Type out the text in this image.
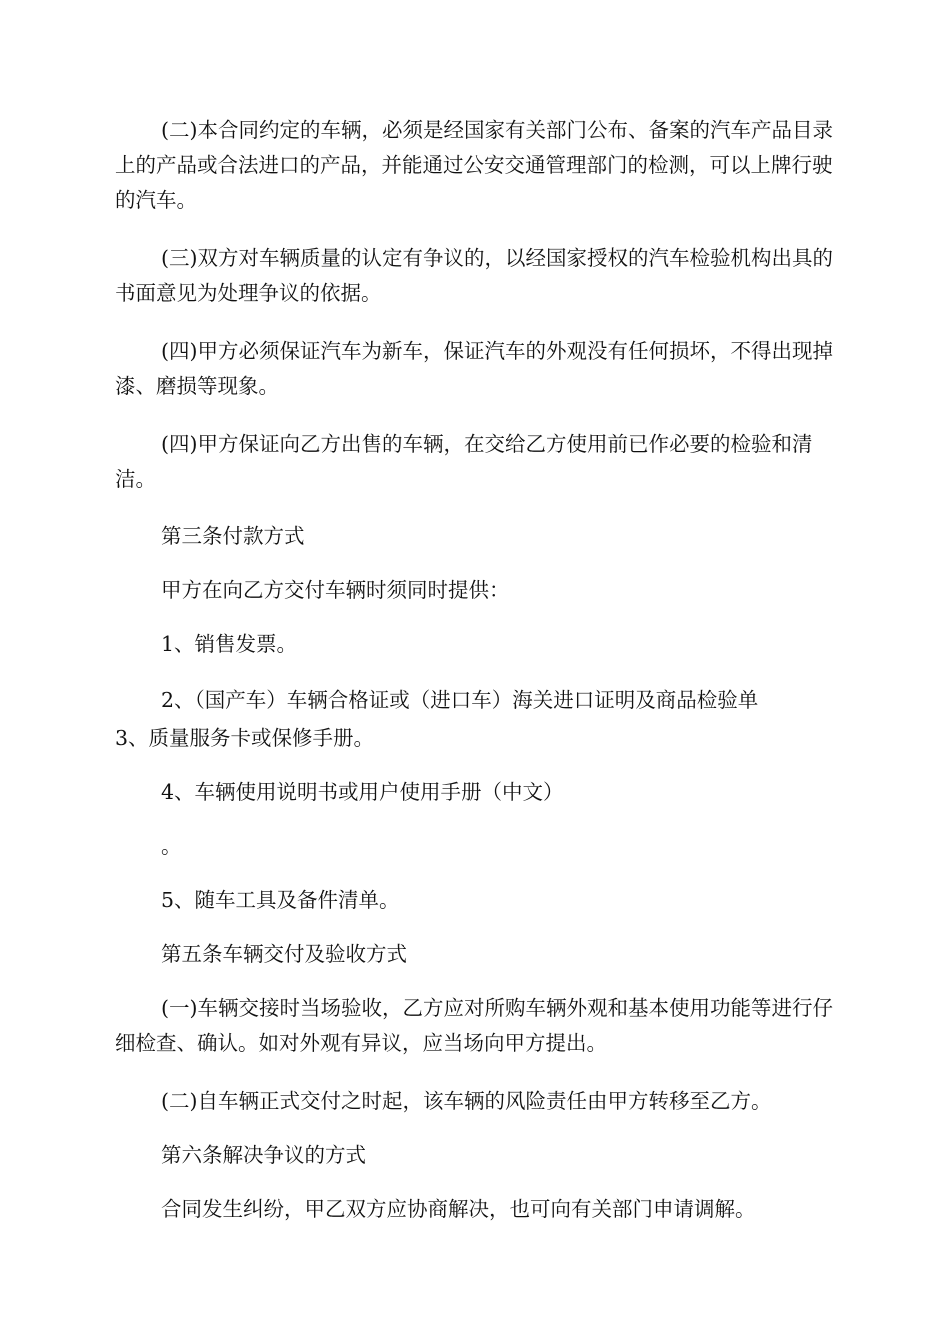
(二)本合同约定的车辆，必须是经国家有关部门公布、备案的汽车产品目录上的产品或合法进口的产品，并能通过公安交通管理部门的检测，可以上牌行驶的汽车。

(三)双方对车辆质量的认定有争议的，以经国家授权的汽车检验机构出具的书面意见为处理争议的依据。

(四)甲方必须保证汽车为新车，保证汽车的外观没有任何损坏，不得出现掉漆、磨损等现象。

(四)甲方保证向乙方出售的车辆，在交给乙方使用前已作必要的检验和清洁。

第三条付款方式

甲方在向乙方交付车辆时须同时提供：

1、销售发票。

2、（国产车）车辆合格证或（进口车）海关进口证明及商品检验单

3、质量服务卡或保修手册。

4、车辆使用说明书或用户使用手册（中文）

。

5、随车工具及备件清单。

第五条车辆交付及验收方式

(一)车辆交接时当场验收，乙方应对所购车辆外观和基本使用功能等进行仔细检查、确认。如对外观有异议，应当场向甲方提出。

(二)自车辆正式交付之时起，该车辆的风险责任由甲方转移至乙方。

第六条解决争议的方式

合同发生纠纷，甲乙双方应协商解决，也可向有关部门申请调解。
